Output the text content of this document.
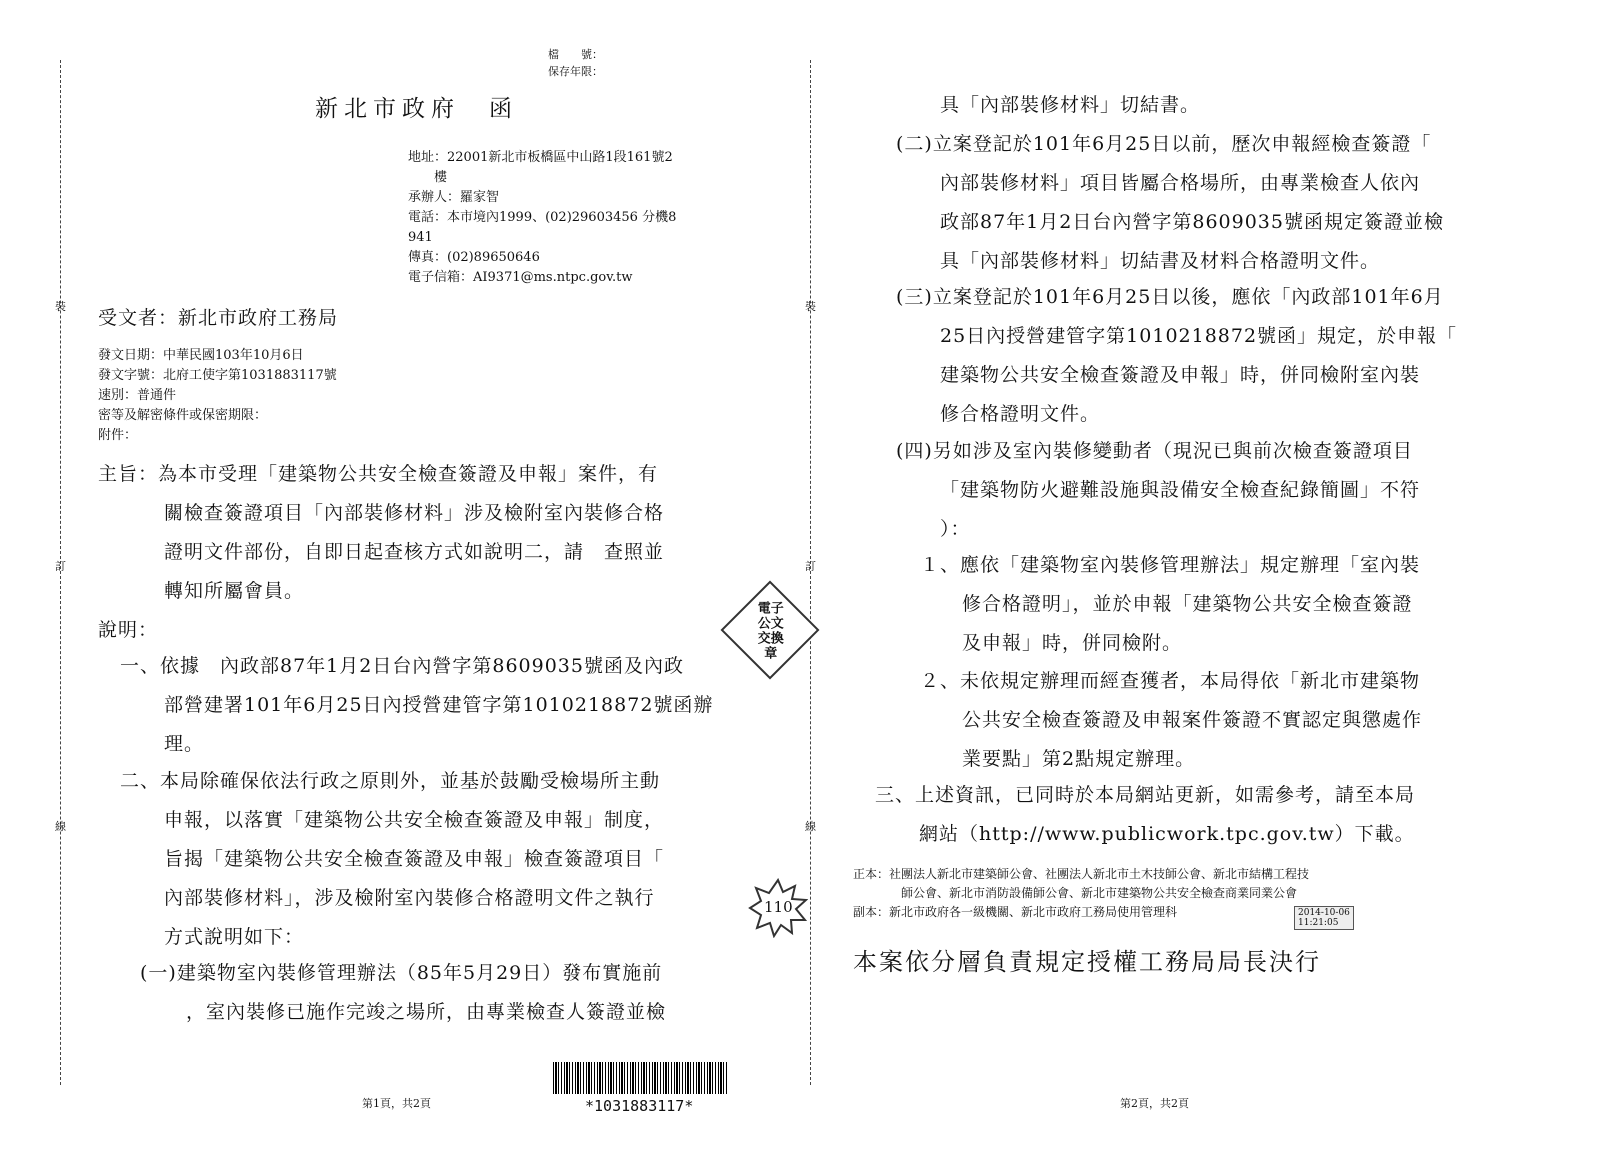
裝
訂
線
裝
訂
線
檔　　號：
保存年限：
新北市政府　函
地址：22001新北市板橋區中山路1段161號2
　　樓
承辦人：羅家智
電話：本市境內1999、(02)29603456 分機8
941
傳真：(02)89650646
電子信箱：AI9371@ms.ntpc.gov.tw
受文者：新北市政府工務局
發文日期：中華民國103年10月6日
發文字號：北府工使字第1031883117號
速別：普通件
密等及解密條件或保密期限：
附件：
主旨：為本市受理「建築物公共安全檢查簽證及申報」案件，有
關檢查簽證項目「內部裝修材料」涉及檢附室內裝修合格
證明文件部份，自即日起查核方式如說明二，請　查照並
轉知所屬會員。
說明：
一、依據　內政部87年1月2日台內營字第8609035號函及內政
部營建署101年6月25日內授營建管字第1010218872號函辦
理。
二、本局除確保依法行政之原則外，並基於鼓勵受檢場所主動
申報，以落實「建築物公共安全檢查簽證及申報」制度，
旨揭「建築物公共安全檢查簽證及申報」檢查簽證項目「
內部裝修材料」，涉及檢附室內裝修合格證明文件之執行
方式說明如下：
(一)建築物室內裝修管理辦法（85年5月29日）發布實施前
，室內裝修已施作完竣之場所，由專業檢查人簽證並檢
電子
公文
交換
章
110
*1031883117*
第1頁，共2頁
具「內部裝修材料」切結書。
(二)立案登記於101年6月25日以前，歷次申報經檢查簽證「
內部裝修材料」項目皆屬合格場所，由專業檢查人依內
政部87年1月2日台內營字第8609035號函規定簽證並檢
具「內部裝修材料」切結書及材料合格證明文件。
(三)立案登記於101年6月25日以後，應依「內政部101年6月
25日內授營建管字第1010218872號函」規定，於申報「
建築物公共安全檢查簽證及申報」時，併同檢附室內裝
修合格證明文件。
(四)另如涉及室內裝修變動者（現況已與前次檢查簽證項目
「建築物防火避難設施與設備安全檢查紀錄簡圖」不符
）：
１、應依「建築物室內裝修管理辦法」規定辦理「室內裝
修合格證明」，並於申報「建築物公共安全檢查簽證
及申報」時，併同檢附。
２、未依規定辦理而經查獲者，本局得依「新北市建築物
公共安全檢查簽證及申報案件簽證不實認定與懲處作
業要點」第2點規定辦理。
三、上述資訊，已同時於本局網站更新，如需參考，請至本局
網站（http://www.publicwork.tpc.gov.tw）下載。
正本：社團法人新北市建築師公會、社團法人新北市土木技師公會、新北市結構工程技
師公會、新北市消防設備師公會、新北市建築物公共安全檢查商業同業公會
副本：新北市政府各一級機關、新北市政府工務局使用管理科	2014-10-06
11:21:05
本案依分層負責規定授權工務局局長決行
第2頁，共2頁
